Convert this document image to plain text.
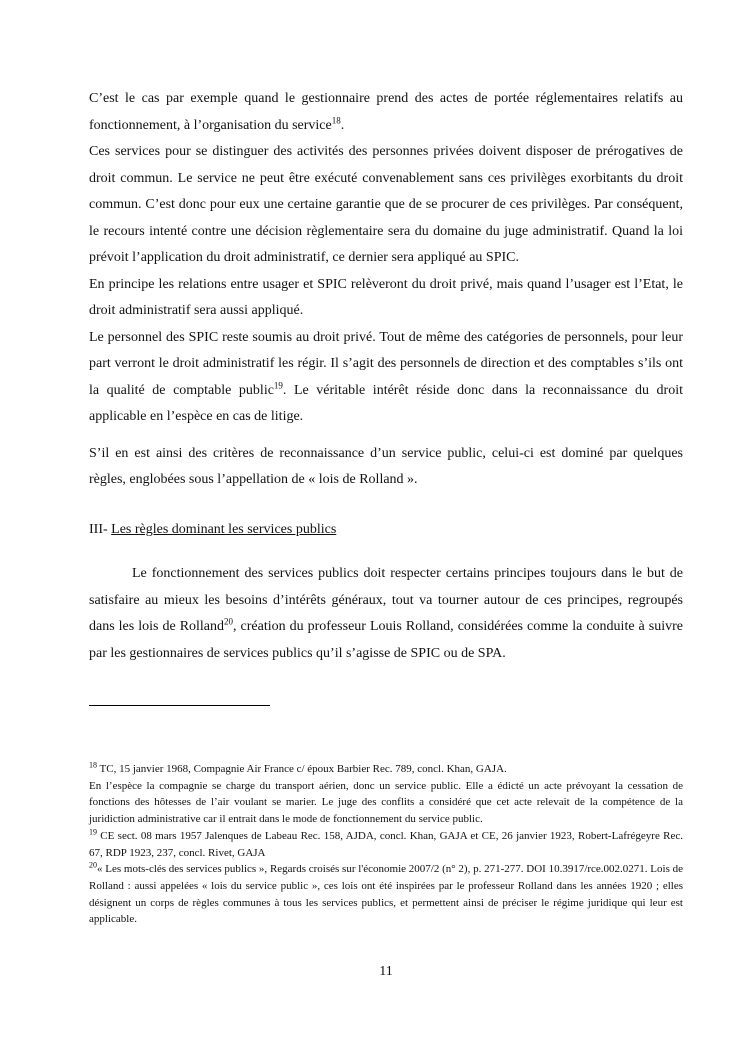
C’est le cas par exemple quand le gestionnaire prend des actes de portée réglementaires relatifs au fonctionnement, à l’organisation du service$^{18}$.

Ces services pour se distinguer des activités des personnes privées doivent disposer de prérogatives de droit commun. Le service ne peut être exécuté convenablement sans ces privilèges exorbitants du droit commun. C’est donc pour eux une certaine garantie que de se procurer de ces privilèges. Par conséquent, le recours intenté contre une décision règlementaire sera du domaine du juge administratif. Quand la loi prévoit l’application du droit administratif, ce dernier sera appliqué au SPIC.

En principe les relations entre usager et SPIC relèveront du droit privé, mais quand l’usager est l’Etat, le droit administratif sera aussi appliqué.

Le personnel des SPIC reste soumis au droit privé. Tout de même des catégories de personnels, pour leur part verront le droit administratif les régir. Il s’agit des personnels de direction et des comptables s’ils ont la qualité de comptable public$^{19}$. Le véritable intérêt réside donc dans la reconnaissance du droit applicable en l’espèce en cas de litige.

S’il en est ainsi des critères de reconnaissance d’un service public, celui-ci est dominé par quelques règles, englobées sous l’appellation de « lois de Rolland ».

III- Les règles dominant les services publics

Le fonctionnement des services publics doit respecter certains principes toujours dans le but de satisfaire au mieux les besoins d’intérêts généraux, tout va tourner autour de ces principes, regroupés dans les lois de Rolland$^{20}$, création du professeur Louis Rolland, considérées comme la conduite à suivre par les gestionnaires de services publics qu’il s’agisse de SPIC ou de SPA.

$^{18}$ TC, 15 janvier 1968, Compagnie Air France c/ époux Barbier Rec. 789, concl. Khan, GAJA.

En l’espèce la compagnie se charge du transport aérien, donc un service public. Elle a édicté un acte prévoyant la cessation de fonctions des hôtesses de l’air voulant se marier. Le juge des conflits a considéré que cet acte relevait de la compétence de la juridiction administrative car il entrait dans le mode de fonctionnement du service public.

$^{19}$ CE sect. 08 mars 1957 Jalenques de Labeau Rec. 158, AJDA, concl. Khan, GAJA et CE, 26 janvier 1923, Robert-Lafrégeyre Rec. 67, RDP 1923, 237, concl. Rivet, GAJA

$^{20}$« Les mots-clés des services publics », Regards croisés sur l'économie 2007/2 (n° 2), p. 271-277. DOI 10.3917/rce.002.0271. Lois de Rolland : aussi appelées « lois du service public », ces lois ont été inspirées par le professeur Rolland dans les années 1920 ; elles désignent un corps de règles communes à tous les services publics, et permettent ainsi de préciser le régime juridique qui leur est applicable.

11
